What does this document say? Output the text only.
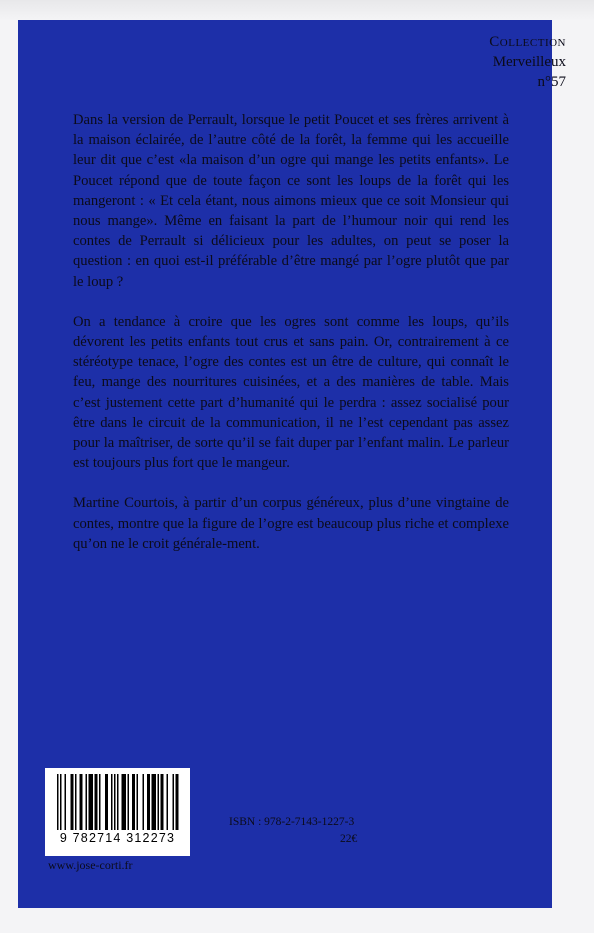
Collection
Merveilleux
n°57

Dans la version de Perrault, lorsque le petit Poucet et ses frères arrivent à la maison éclairée, de l’autre côté de la forêt, la femme qui les accueille leur dit que c’est «la maison d’un ogre qui mange les petits enfants». Le Poucet répond que de toute façon ce sont les loups de la forêt qui les mangeront : « Et cela étant, nous aimons mieux que ce soit Monsieur qui nous mange». Même en faisant la part de l’humour noir qui rend les contes de Perrault si délicieux pour les adultes, on peut se poser la question : en quoi est-il préférable d’être mangé par l’ogre plutôt que par le loup ?

On a tendance à croire que les ogres sont comme les loups, qu’ils dévorent les petits enfants tout crus et sans pain. Or, contrairement à ce stéréotype tenace, l’ogre des contes est un être de culture, qui connaît le feu, mange des nourritures cuisinées, et a des manières de table. Mais c’est justement cette part d’humanité qui le perdra : assez socialisé pour être dans le circuit de la communication, il ne l’est cependant pas assez pour la maîtriser, de sorte qu’il se fait duper par l’enfant malin. Le parleur est toujours plus fort que le mangeur.

Martine Courtois, à partir d’un corpus généreux, plus d’une vingtaine de contes, montre que la figure de l’ogre est beaucoup plus riche et complexe qu’on ne le croit générale-ment.

9 782714 312273
www.jose-corti.fr
ISBN : 978-2-7143-1227-3
22€
